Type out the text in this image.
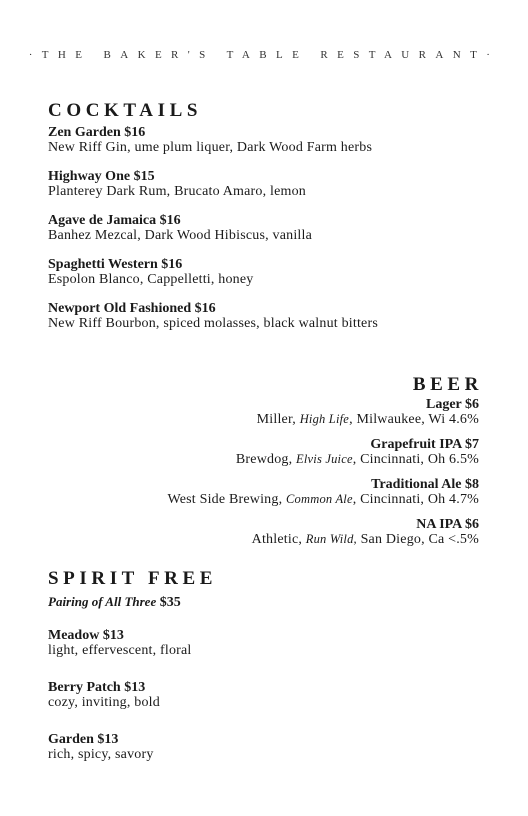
·THE BAKER'S TABLE RESTAURANT·
COCKTAILS
Zen Garden $16
New Riff Gin, ume plum liquer, Dark Wood Farm herbs
Highway One $15
Planterey Dark Rum, Brucato Amaro, lemon
Agave de Jamaica $16
Banhez Mezcal, Dark Wood Hibiscus, vanilla
Spaghetti Western $16
Espolon Blanco, Cappelletti, honey
Newport Old Fashioned $16
New Riff Bourbon, spiced molasses, black walnut bitters
BEER
Lager $6
Miller, High Life, Milwaukee, Wi 4.6%
Grapefruit IPA $7
Brewdog, Elvis Juice, Cincinnati, Oh 6.5%
Traditional Ale $8
West Side Brewing, Common Ale, Cincinnati, Oh 4.7%
NA IPA $6
Athletic, Run Wild, San Diego, Ca <.5%
SPIRIT FREE
Pairing of All Three $35
Meadow $13
light, effervescent, floral
Berry Patch $13
cozy, inviting, bold
Garden $13
rich, spicy, savory
